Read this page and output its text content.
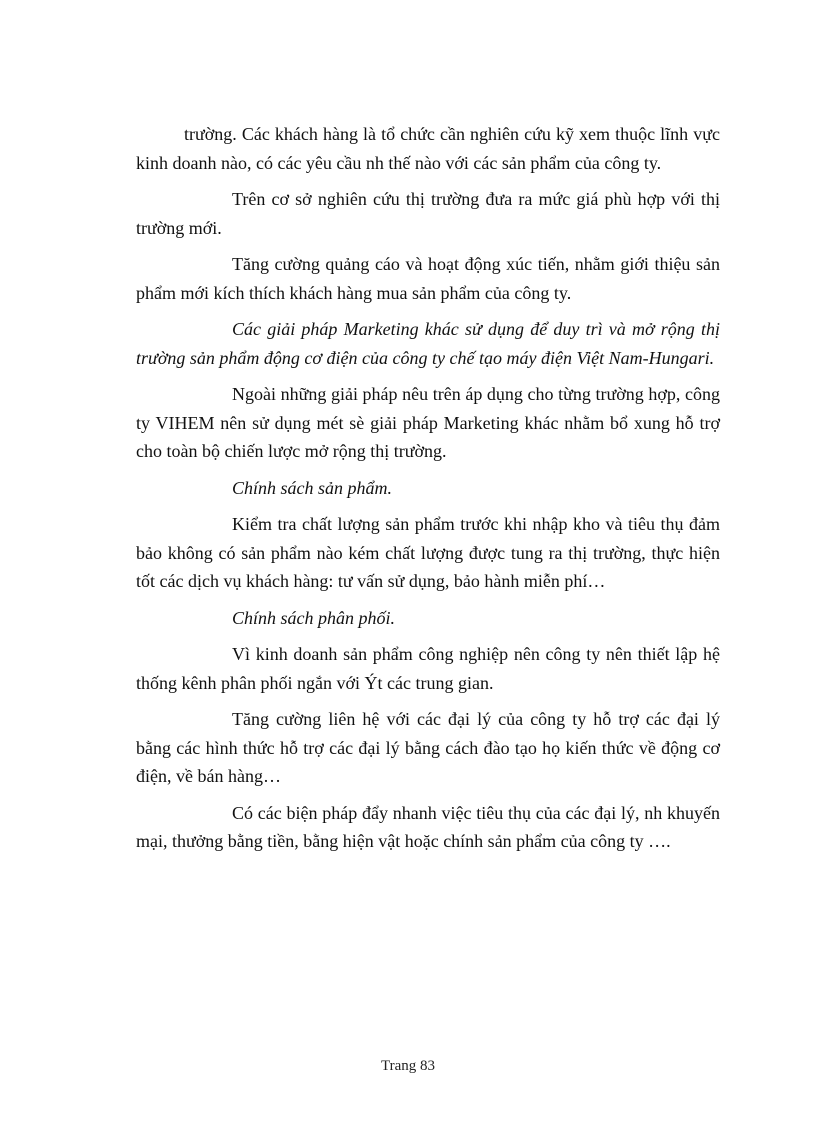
trường. Các khách hàng là tổ chức cần nghiên cứu kỹ xem thuộc lĩnh vực kinh doanh nào, có các yêu cầu nh thế nào với các sản phẩm của công ty.

Trên cơ sở nghiên cứu thị trường đưa ra mức giá phù hợp với thị trường mới.

Tăng cường quảng cáo và hoạt động xúc tiến, nhằm giới thiệu sản phẩm mới kích thích khách hàng mua sản phẩm của công ty.

Các giải pháp Marketing khác sử dụng để duy trì và mở rộng thị trường sản phẩm động cơ điện của công ty chế tạo máy điện Việt Nam-Hungari.

Ngoài những giải pháp nêu trên áp dụng cho từng trường hợp, công ty VIHEM nên sử dụng mét sè giải pháp Marketing khác nhằm bổ xung hỗ trợ cho toàn bộ chiến lược mở rộng thị trường.

Chính sách sản phẩm.

Kiểm tra chất lượng sản phẩm trước khi nhập kho và tiêu thụ đảm bảo không có sản phẩm nào kém chất lượng được tung ra thị trường, thực hiện tốt các dịch vụ khách hàng: tư vấn sử dụng, bảo hành miễn phí…

Chính sách phân phối.

Vì kinh doanh sản phẩm công nghiệp nên công ty nên thiết lập hệ thống kênh phân phối ngắn với Ýt các trung gian.

Tăng cường liên hệ với các đại lý của công ty hỗ trợ các đại lý bằng các hình thức hỗ trợ các đại lý bằng cách đào tạo họ kiến thức về động cơ điện, về bán hàng…

Có các biện pháp đẩy nhanh việc tiêu thụ của các đại lý, nh khuyến mại, thưởng bằng tiền, bằng hiện vật hoặc chính sản phẩm của công ty ….

Trang 83
